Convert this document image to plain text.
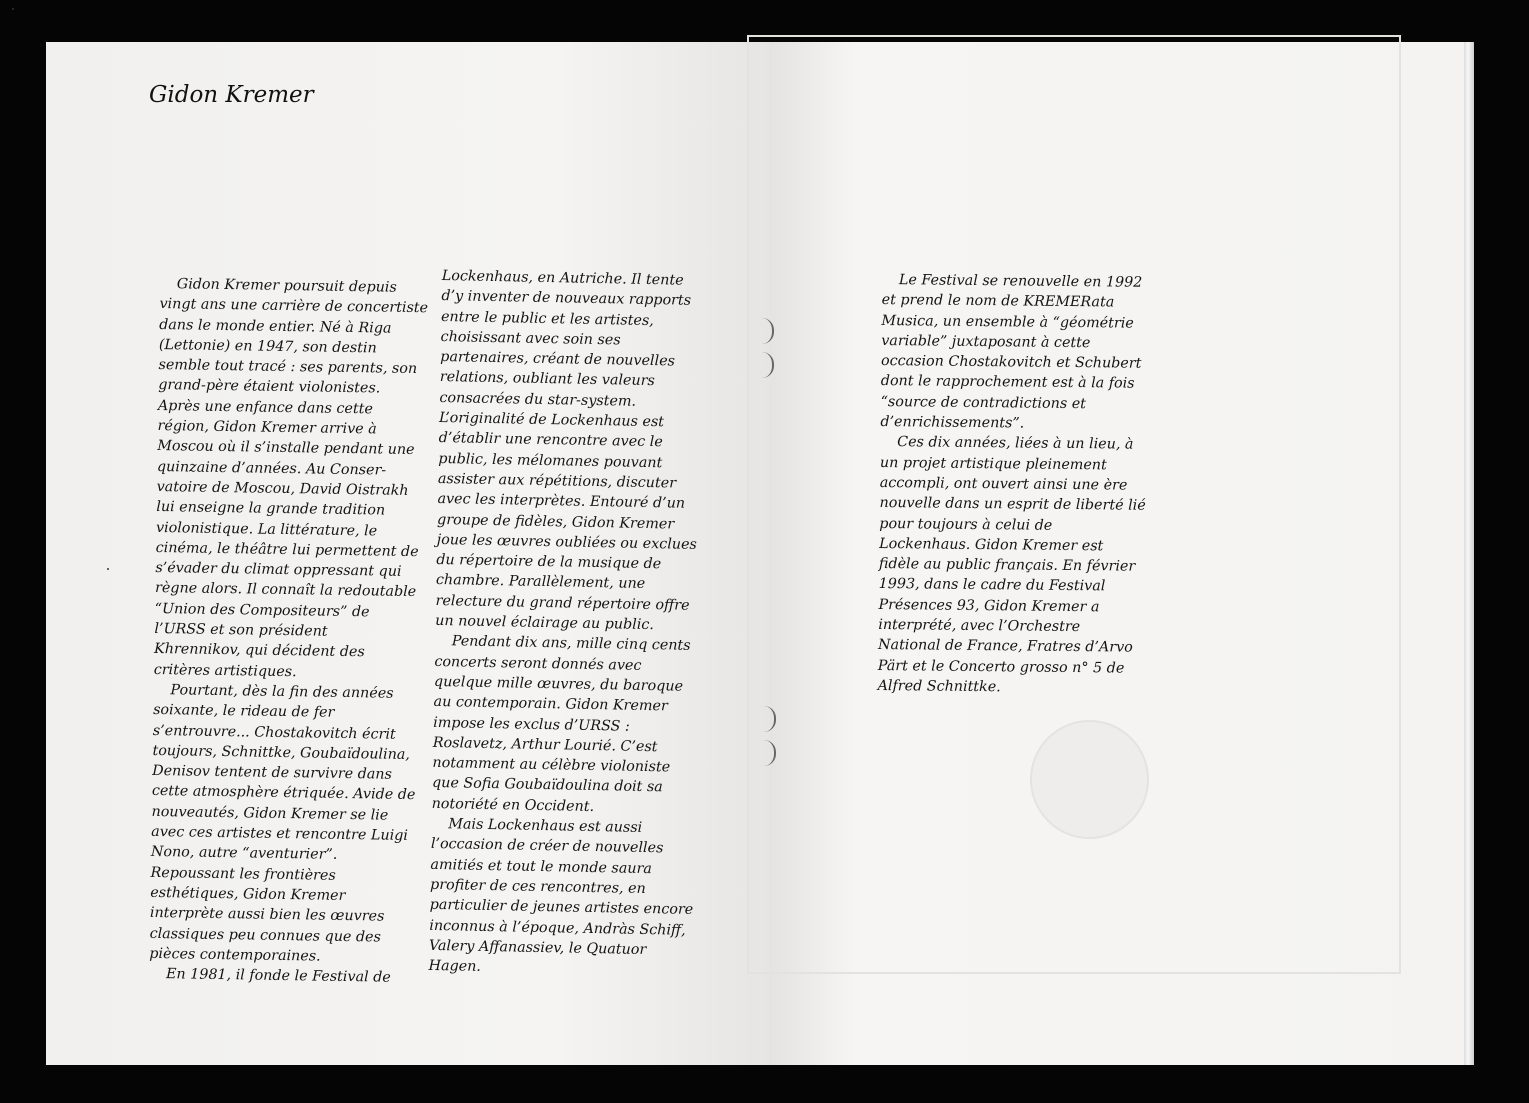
Gidon Kremer

Gidon Kremer poursuit depuis

vingt ans une carrière de concertiste

dans le monde entier. Né à Riga

(Lettonie) en 1947, son destin

semble tout tracé : ses parents, son

grand-père étaient violonistes.

Après une enfance dans cette

région, Gidon Kremer arrive à

Moscou où il s’installe pendant une

quinzaine d’années. Au Conser-

vatoire de Moscou, David Oistrakh

lui enseigne la grande tradition

violonistique. La littérature, le

cinéma, le théâtre lui permettent de

s’évader du climat oppressant qui

règne alors. Il connaît la redoutable

“Union des Compositeurs” de

l’URSS et son président

Khrennikov, qui décident des

critères artistiques.

Pourtant, dès la fin des années

soixante, le rideau de fer

s’entrouvre... Chostakovitch écrit

toujours, Schnittke, Goubaïdoulina,

Denisov tentent de survivre dans

cette atmosphère étriquée. Avide de

nouveautés, Gidon Kremer se lie

avec ces artistes et rencontre Luigi

Nono, autre “aventurier”.

Repoussant les frontières

esthétiques, Gidon Kremer

interprète aussi bien les œuvres

classiques peu connues que des

pièces contemporaines.

En 1981, il fonde le Festival de

Lockenhaus, en Autriche. Il tente

d’y inventer de nouveaux rapports

entre le public et les artistes,

choisissant avec soin ses

partenaires, créant de nouvelles

relations, oubliant les valeurs

consacrées du star-system.

L’originalité de Lockenhaus est

d’établir une rencontre avec le

public, les mélomanes pouvant

assister aux répétitions, discuter

avec les interprètes. Entouré d’un

groupe de fidèles, Gidon Kremer

joue les œuvres oubliées ou exclues

du répertoire de la musique de

chambre. Parallèlement, une

relecture du grand répertoire offre

un nouvel éclairage au public.

Pendant dix ans, mille cinq cents

concerts seront donnés avec

quelque mille œuvres, du baroque

au contemporain. Gidon Kremer

impose les exclus d’URSS :

Roslavetz, Arthur Lourié. C’est

notamment au célèbre violoniste

que Sofia Goubaïdoulina doit sa

notoriété en Occident.

Mais Lockenhaus est aussi

l’occasion de créer de nouvelles

amitiés et tout le monde saura

profiter de ces rencontres, en

particulier de jeunes artistes encore

inconnus à l’époque, Andràs Schiff,

Valery Affanassiev, le Quatuor

Hagen.

Le Festival se renouvelle en 1992

et prend le nom de KREMERata

Musica, un ensemble à “géométrie

variable” juxtaposant à cette

occasion Chostakovitch et Schubert

dont le rapprochement est à la fois

“source de contradictions et

d’enrichissements”.

Ces dix années, liées à un lieu, à

un projet artistique pleinement

accompli, ont ouvert ainsi une ère

nouvelle dans un esprit de liberté lié

pour toujours à celui de

Lockenhaus. Gidon Kremer est

fidèle au public français. En février

1993, dans le cadre du Festival

Présences 93, Gidon Kremer a

interprété, avec l’Orchestre

National de France, Fratres d’Arvo

Pärt et le Concerto grosso n° 5 de

Alfred Schnittke.
